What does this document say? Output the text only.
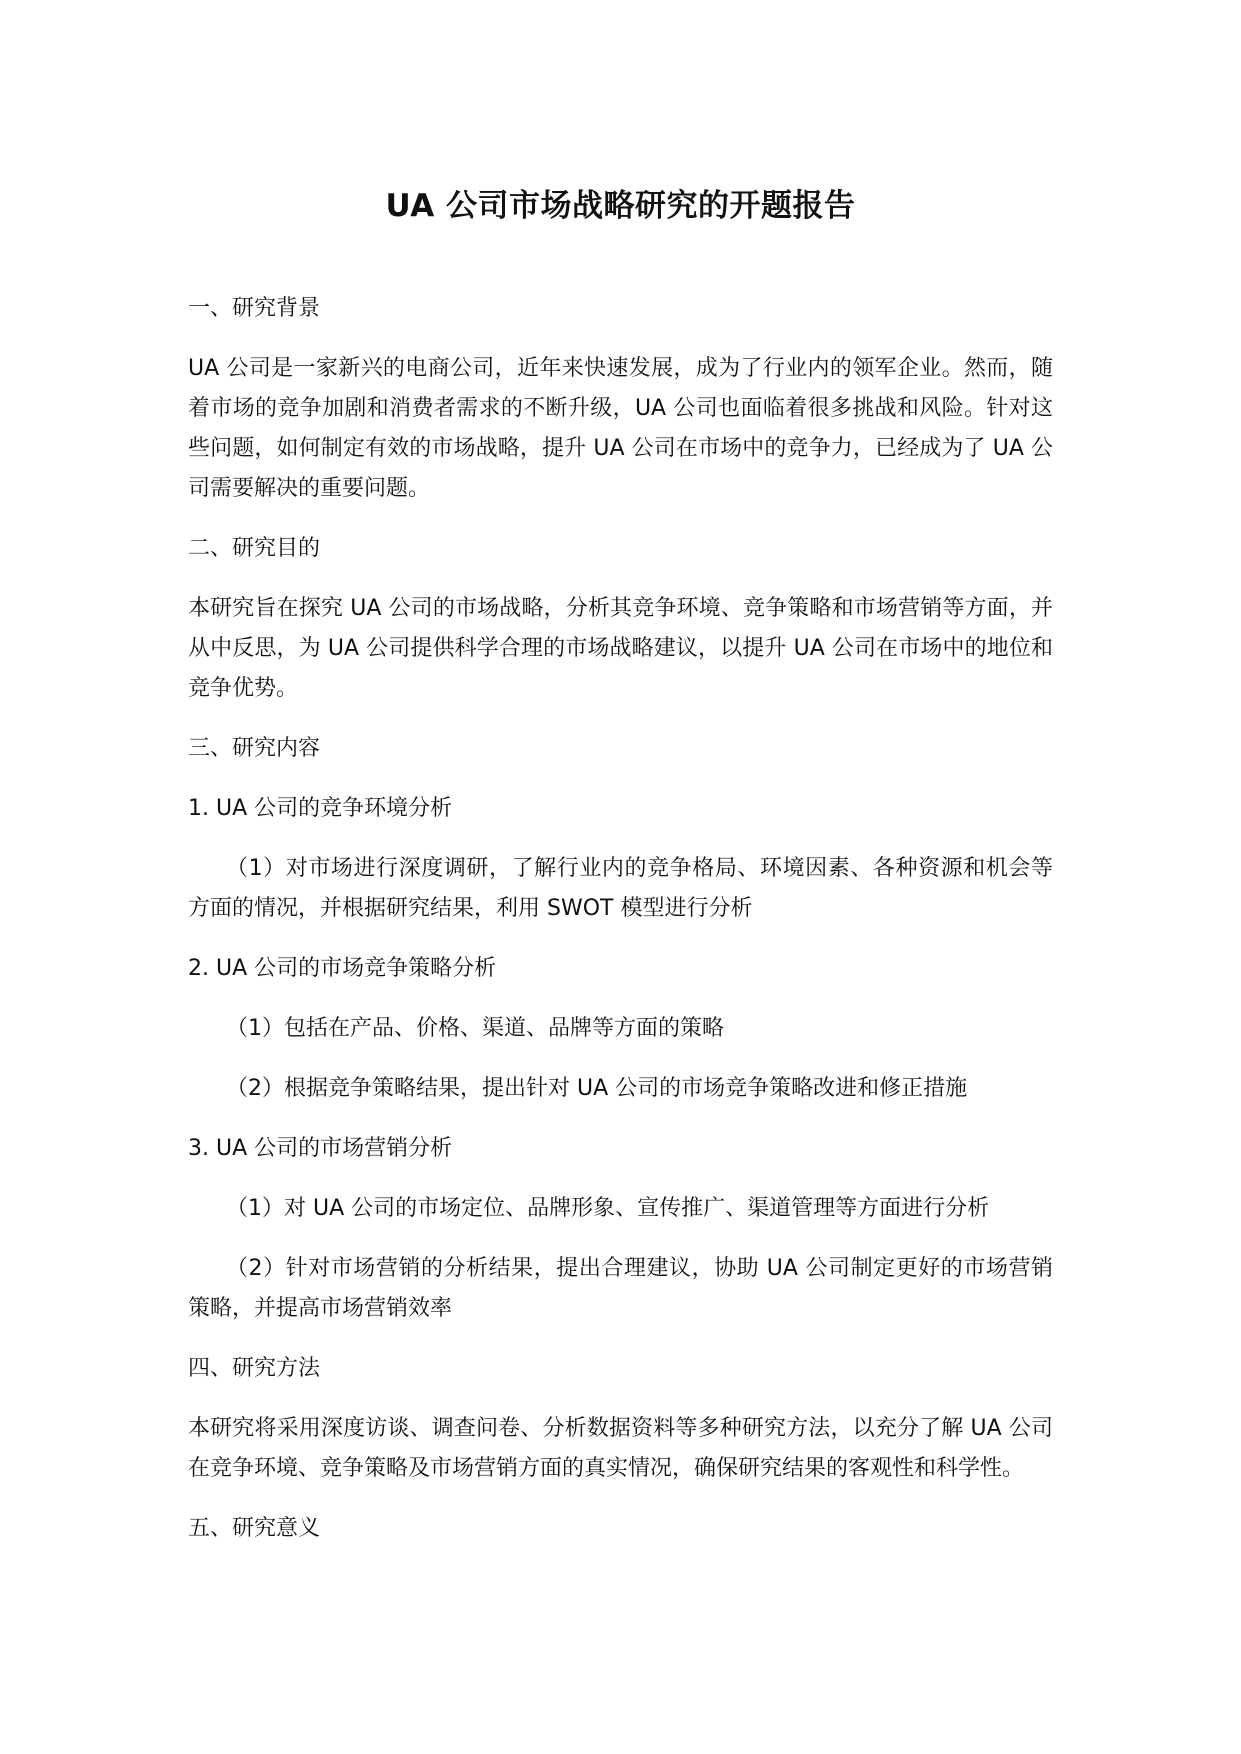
UA 公司市场战略研究的开题报告
一、研究背景

UA 公司是一家新兴的电商公司，近年来快速发展，成为了行业内的领军企业。然而，随着市场的竞争加剧和消费者需求的不断升级，UA 公司也面临着很多挑战和风险。针对这些问题，如何制定有效的市场战略，提升 UA 公司在市场中的竞争力，已经成为了 UA 公司需要解决的重要问题。

二、研究目的

本研究旨在探究 UA 公司的市场战略，分析其竞争环境、竞争策略和市场营销等方面，并从中反思，为 UA 公司提供科学合理的市场战略建议，以提升 UA 公司在市场中的地位和竞争优势。

三、研究内容
1. UA 公司的竞争环境分析

（1）对市场进行深度调研，了解行业内的竞争格局、环境因素、各种资源和机会等方面的情况，并根据研究结果，利用 SWOT 模型进行分析

2. UA 公司的市场竞争策略分析

（1）包括在产品、价格、渠道、品牌等方面的策略

（2）根据竞争策略结果，提出针对 UA 公司的市场竞争策略改进和修正措施

3. UA 公司的市场营销分析

（1）对 UA 公司的市场定位、品牌形象、宣传推广、渠道管理等方面进行分析

（2）针对市场营销的分析结果，提出合理建议，协助 UA 公司制定更好的市场营销策略，并提高市场营销效率

四、研究方法

本研究将采用深度访谈、调查问卷、分析数据资料等多种研究方法，以充分了解 UA 公司在竞争环境、竞争策略及市场营销方面的真实情况，确保研究结果的客观性和科学性。

五、研究意义
